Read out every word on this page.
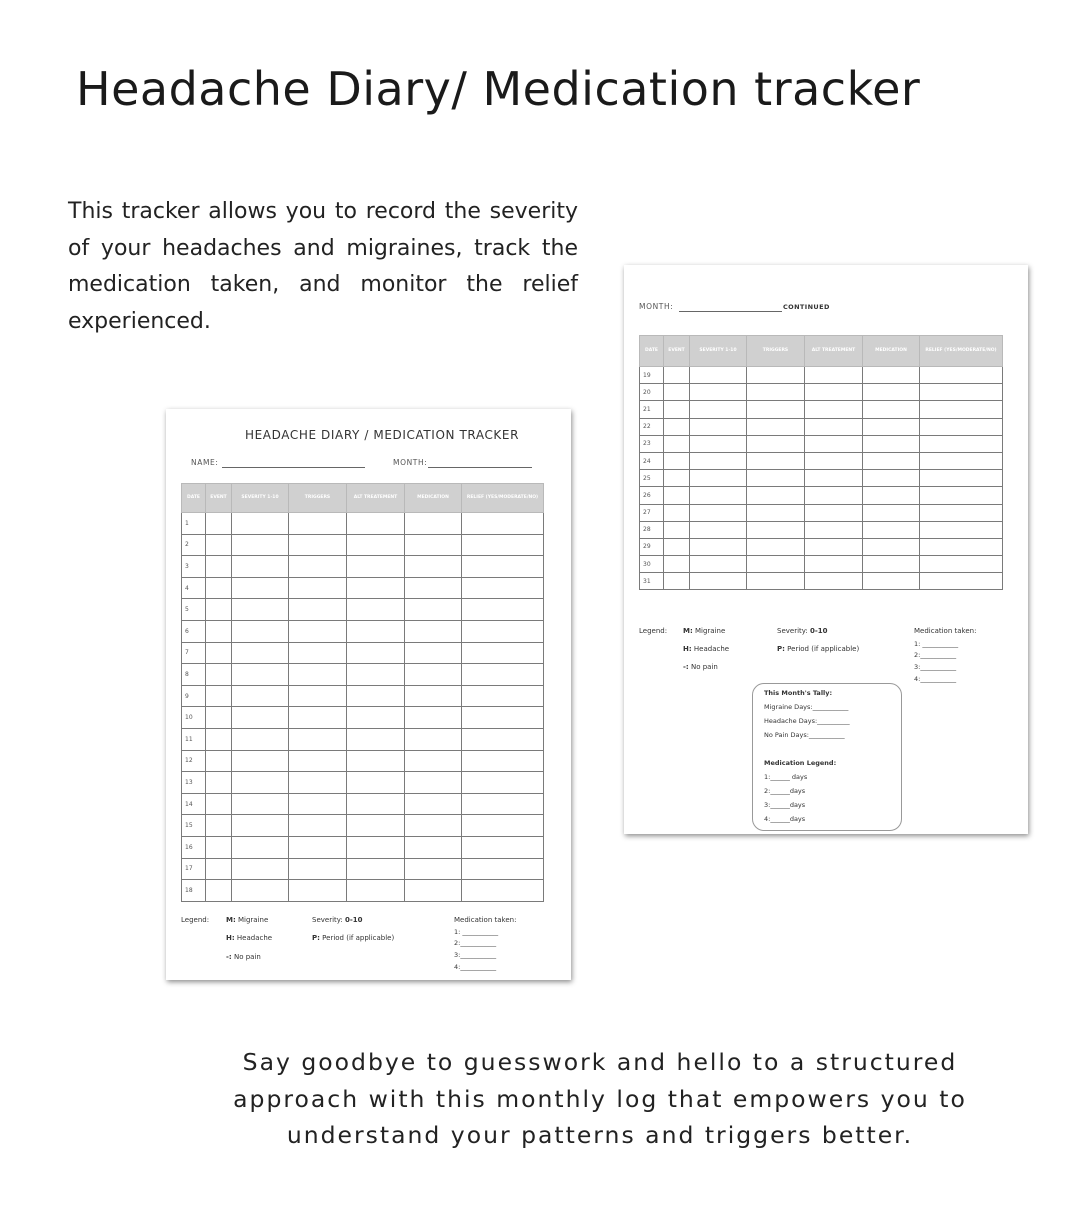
Headache Diary/ Medication tracker
This tracker allows you to record the severity of your headaches and migraines, track the medication taken, and monitor the relief experienced.
HEADACHE DIARY / MEDICATION TRACKER
NAME:	MONTH:
DATE	EVENT	SEVERITY 1-10	TRIGGERS	ALT TREATEMENT	MEDICATION	RELIEF (YES/MODERATE/NO)
1						
2						
3						
4						
5						
6						
7						
8						
9						
10						
11						
12						
13						
14						
15						
16						
17						
18						
Legend: M: Migraine
H: Headache
-: No pain
Severity: 0-10
P: Period (if applicable)
Medication taken:
1: ___________
2:___________
3:___________
4:___________
MONTH:	CONTINUED
DATE	EVENT	SEVERITY 1-10	TRIGGERS	ALT TREATEMENT	MEDICATION	RELIEF (YES/MODERATE/NO)
19						
20						
21						
22						
23						
24						
25						
26						
27						
28						
29						
30						
31						
Legend: M: Migraine
H: Headache
-: No pain
Severity: 0-10
P: Period (if applicable)
Medication taken:
1: ___________
2:___________
3:___________
4:___________
This Month's Tally:
Migraine Days:___________
Headache Days:__________
No Pain Days:___________
Medication Legend:
1:______ days
2:______days
3:______days
4:______days
Say goodbye to guesswork and hello to a structured approach with this monthly log that empowers you to understand your patterns and triggers better.
